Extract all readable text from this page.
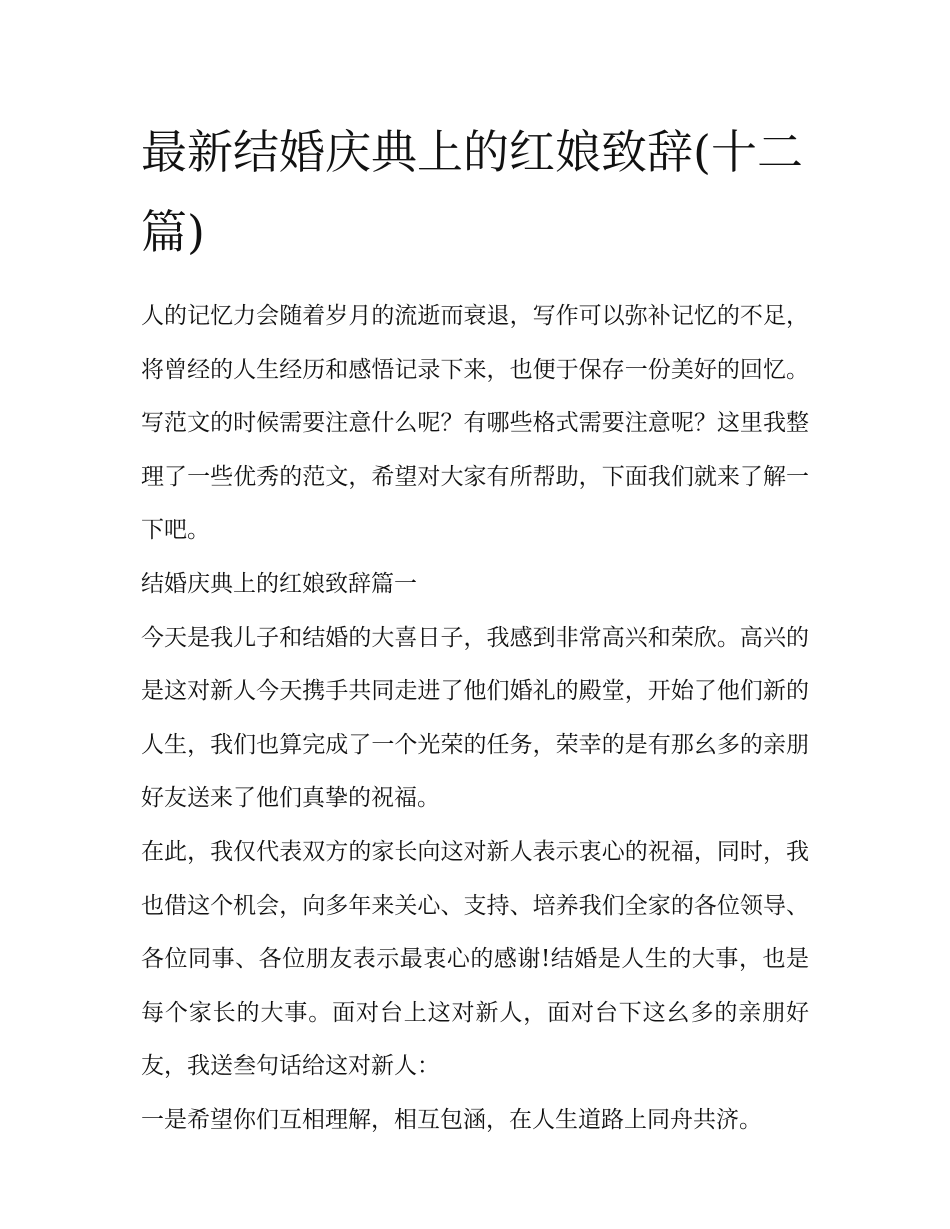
最新结婚庆典上的红娘致辞(十二篇)

人的记忆力会随着岁月的流逝而衰退，写作可以弥补记忆的不足，将曾经的人生经历和感悟记录下来，也便于保存一份美好的回忆。写范文的时候需要注意什么呢？有哪些格式需要注意呢？这里我整理了一些优秀的范文，希望对大家有所帮助，下面我们就来了解一下吧。

结婚庆典上的红娘致辞篇一

今天是我儿子和结婚的大喜日子，我感到非常高兴和荣欣。高兴的是这对新人今天携手共同走进了他们婚礼的殿堂，开始了他们新的人生，我们也算完成了一个光荣的任务，荣幸的是有那幺多的亲朋好友送来了他们真挚的祝福。

在此，我仅代表双方的家长向这对新人表示衷心的祝福，同时，我也借这个机会，向多年来关心、支持、培养我们全家的各位领导、各位同事、各位朋友表示最衷心的感谢!结婚是人生的大事，也是每个家长的大事。面对台上这对新人，面对台下这幺多的亲朋好友，我送叁句话给这对新人：

一是希望你们互相理解，相互包涵，在人生道路上同舟共济。
